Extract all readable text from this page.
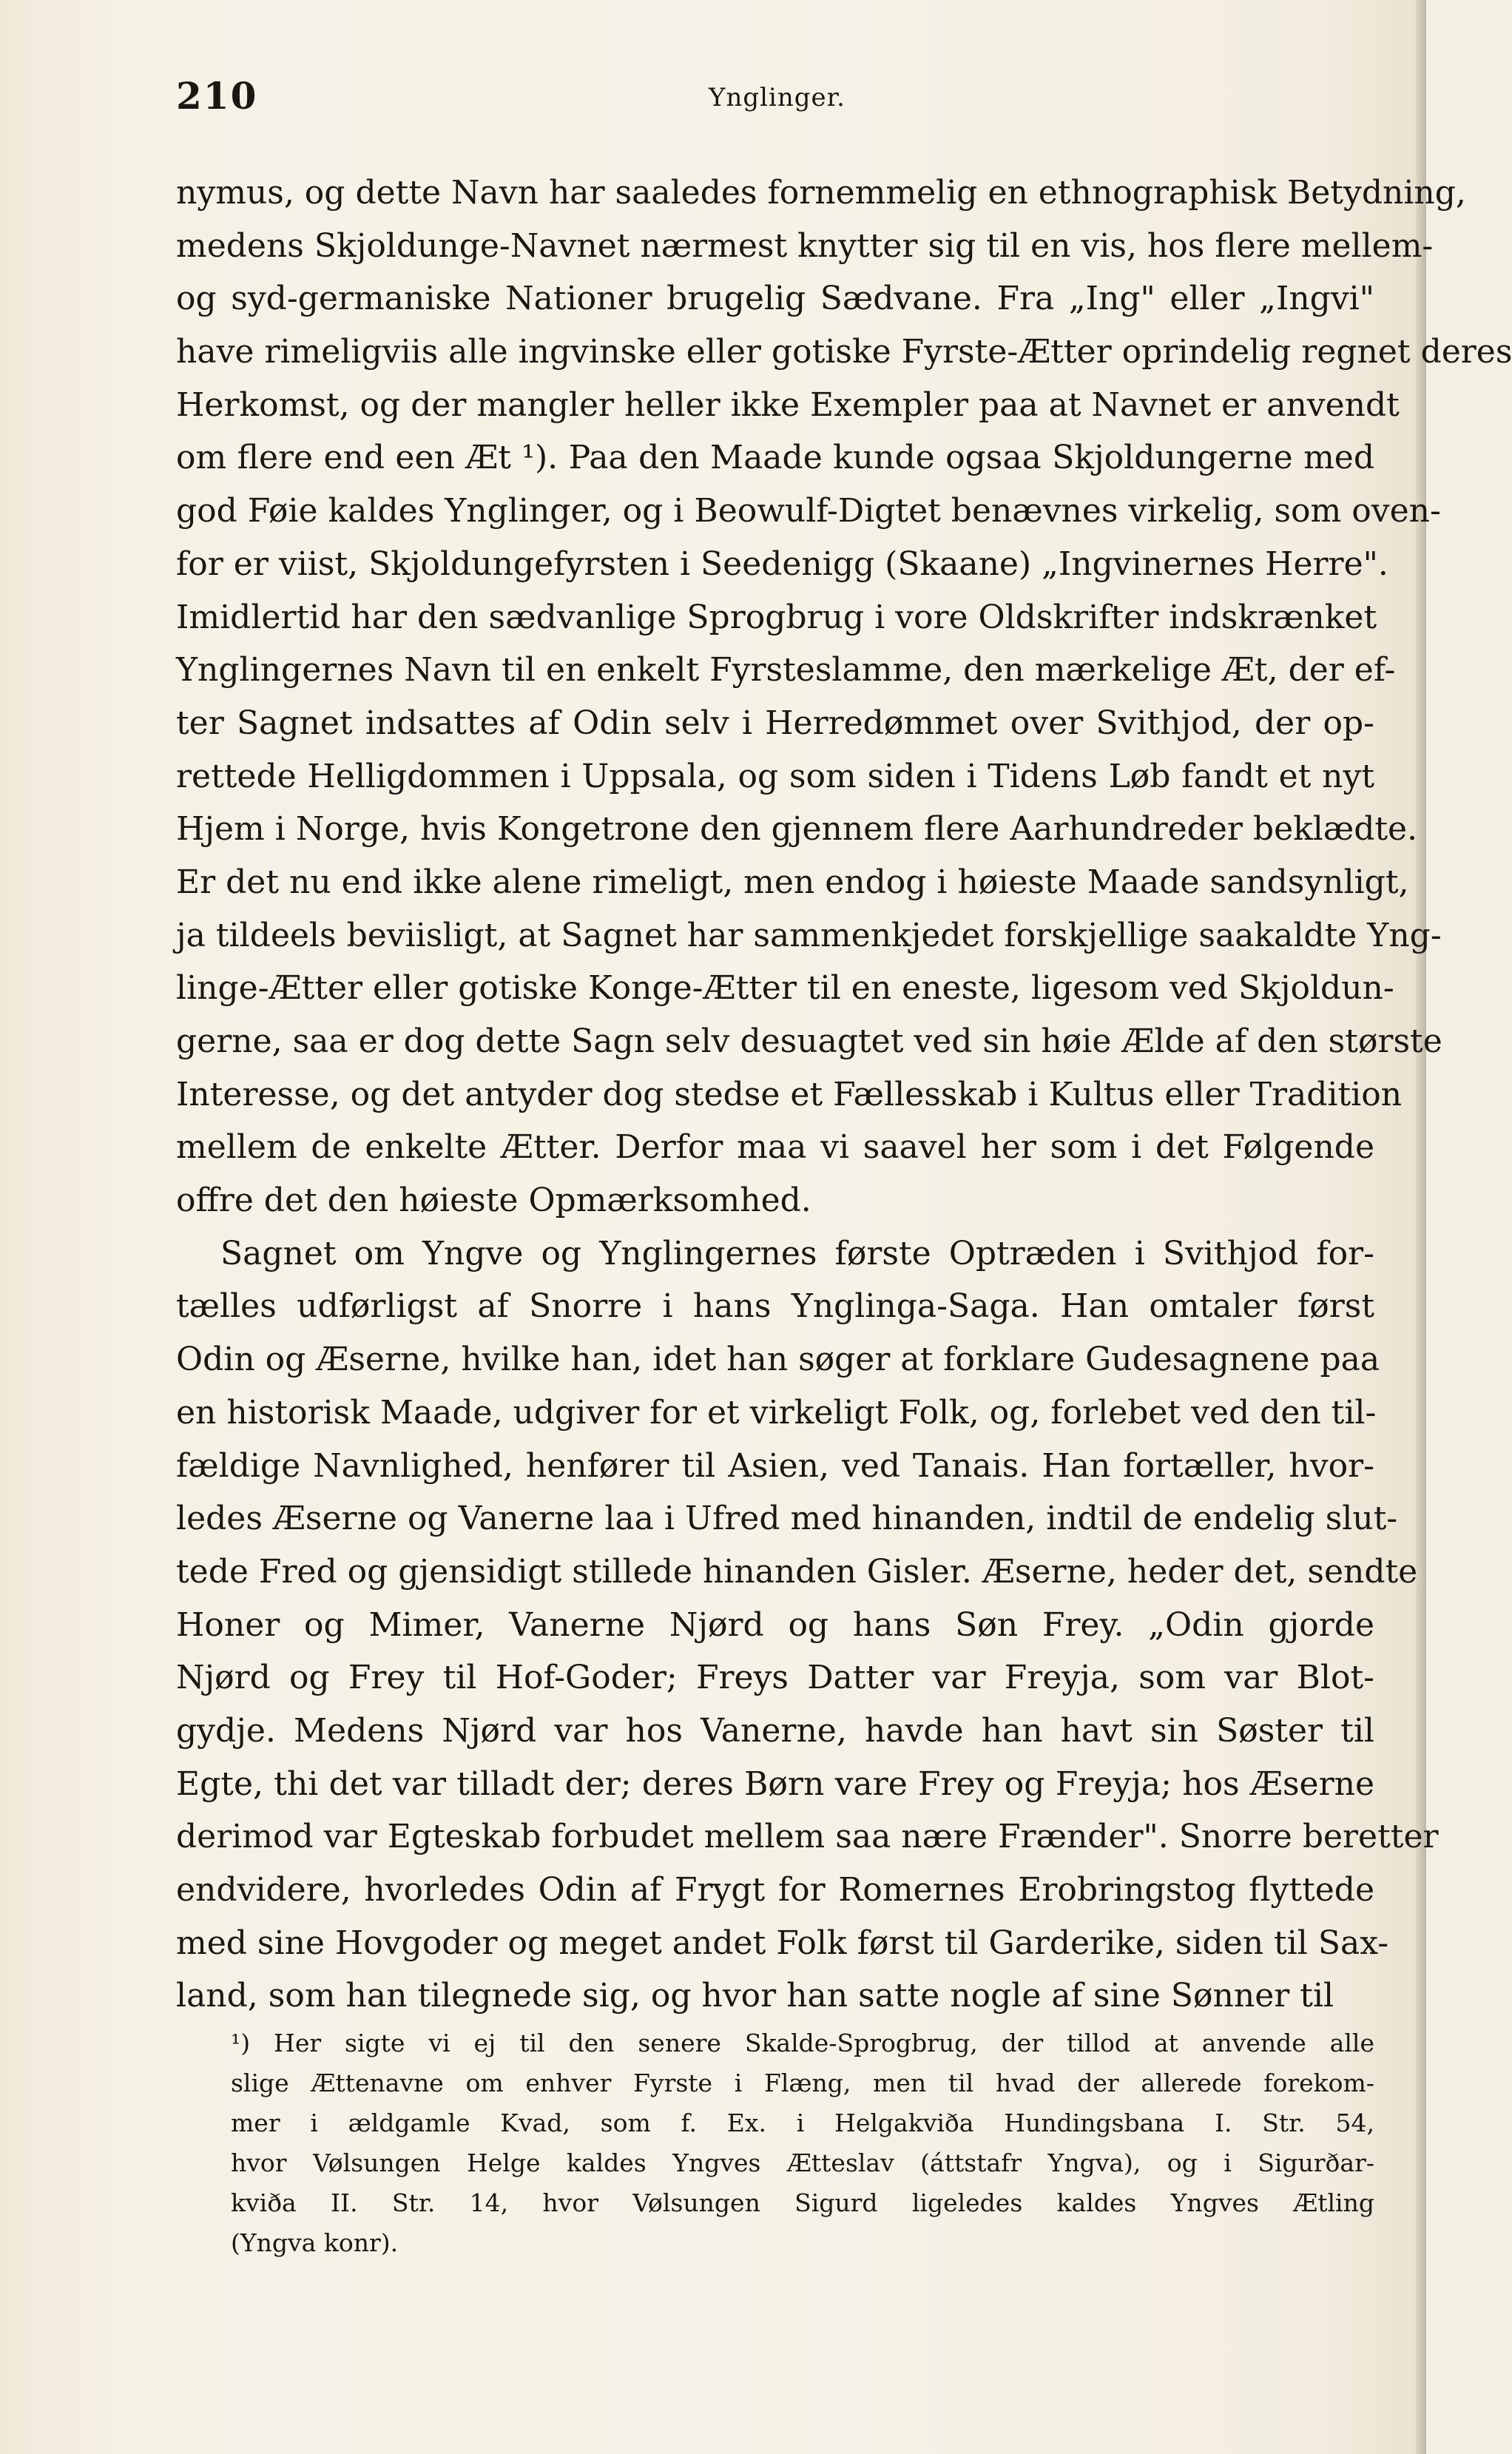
210	Ynglinger.
nymus, og dette Navn har saaledes fornemmelig en ethnographisk Betydning,
medens Skjoldunge-Navnet nærmest knytter sig til en vis, hos flere mellem-
og syd-germaniske Nationer brugelig Sædvane. Fra „Ing" eller „Ingvi"
have rimeligviis alle ingvinske eller gotiske Fyrste-Ætter oprindelig regnet deres
Herkomst, og der mangler heller ikke Exempler paa at Navnet er anvendt
om flere end een Æt ¹). Paa den Maade kunde ogsaa Skjoldungerne med
god Føie kaldes Ynglinger, og i Beowulf-Digtet benævnes virkelig, som oven-
for er viist, Skjoldungefyrsten i Seedenigg (Skaane) „Ingvinernes Herre".
Imidlertid har den sædvanlige Sprogbrug i vore Oldskrifter indskrænket
Ynglingernes Navn til en enkelt Fyrsteslamme, den mærkelige Æt, der ef-
ter Sagnet indsattes af Odin selv i Herredømmet over Svithjod, der op-
rettede Helligdommen i Uppsala, og som siden i Tidens Løb fandt et nyt
Hjem i Norge, hvis Kongetrone den gjennem flere Aarhundreder beklædte.
Er det nu end ikke alene rimeligt, men endog i høieste Maade sandsynligt,
ja tildeels beviisligt, at Sagnet har sammenkjedet forskjellige saakaldte Yng-
linge-Ætter eller gotiske Konge-Ætter til en eneste, ligesom ved Skjoldun-
gerne, saa er dog dette Sagn selv desuagtet ved sin høie Ælde af den største
Interesse, og det antyder dog stedse et Fællesskab i Kultus eller Tradition
mellem de enkelte Ætter. Derfor maa vi saavel her som i det Følgende
offre det den høieste Opmærksomhed.
Sagnet om Yngve og Ynglingernes første Optræden i Svithjod for-
tælles udførligst af Snorre i hans Ynglinga-Saga. Han omtaler først
Odin og Æserne, hvilke han, idet han søger at forklare Gudesagnene paa
en historisk Maade, udgiver for et virkeligt Folk, og, forlebet ved den til-
fældige Navnlighed, henfører til Asien, ved Tanais. Han fortæller, hvor-
ledes Æserne og Vanerne laa i Ufred med hinanden, indtil de endelig slut-
tede Fred og gjensidigt stillede hinanden Gisler. Æserne, heder det, sendte
Honer og Mimer, Vanerne Njørd og hans Søn Frey. „Odin gjorde
Njørd og Frey til Hof-Goder; Freys Datter var Freyja, som var Blot-
gydje. Medens Njørd var hos Vanerne, havde han havt sin Søster til
Egte, thi det var tilladt der; deres Børn vare Frey og Freyja; hos Æserne
derimod var Egteskab forbudet mellem saa nære Frænder". Snorre beretter
endvidere, hvorledes Odin af Frygt for Romernes Erobringstog flyttede
med sine Hovgoder og meget andet Folk først til Garderike, siden til Sax-
land, som han tilegnede sig, og hvor han satte nogle af sine Sønner til
¹) Her sigte vi ej til den senere Skalde-Sprogbrug, der tillod at anvende alle
slige Ættenavne om enhver Fyrste i Flæng, men til hvad der allerede forekom-
mer i ældgamle Kvad, som f. Ex. i Helgakviða Hundingsbana I. Str. 54,
hvor Vølsungen Helge kaldes Yngves Ætteslav (áttstafr Yngva), og i Sigurðar-
kviða II. Str. 14, hvor Vølsungen Sigurd ligeledes kaldes Yngves Ætling
(Yngva konr).
